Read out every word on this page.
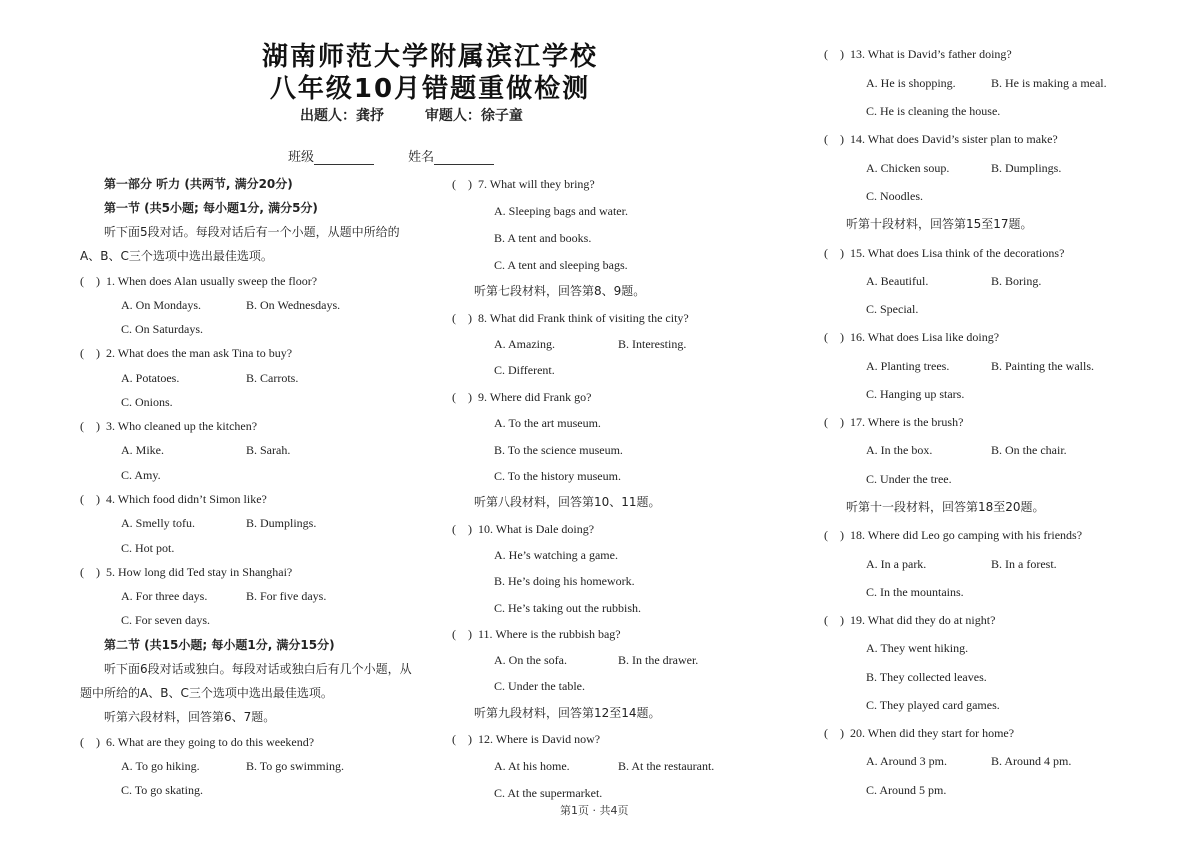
湖南师范大学附属滨江学校
八年级10月错题重做检测
出题人：龚抒	审题人：徐子童
班级	姓名
第一部分 听力 (共两节, 满分20分)
第一节 (共5小题; 每小题1分, 满分5分)
听下面5段对话。每段对话后有一个小题，从题中所给的
A、B、C三个选项中选出最佳选项。
(　) 1. When does Alan usually sweep the floor?
A. On Mondays.	B. On Wednesdays.
C. On Saturdays.
(　) 2. What does the man ask Tina to buy?
A. Potatoes.	B. Carrots.
C. Onions.
(　) 3. Who cleaned up the kitchen?
A. Mike.	B. Sarah.
C. Amy.
(　) 4. Which food didn’t Simon like?
A. Smelly tofu.	B. Dumplings.
C. Hot pot.
(　) 5. How long did Ted stay in Shanghai?
A. For three days.	B. For five days.
C. For seven days.
第二节 (共15小题; 每小题1分, 满分15分)
听下面6段对话或独白。每段对话或独白后有几个小题，从
题中所给的A、B、C三个选项中选出最佳选项。
听第六段材料，回答第6、7题。
(　) 6. What are they going to do this weekend?
A. To go hiking.	B. To go swimming.
C. To go skating.
(　) 7. What will they bring?
A. Sleeping bags and water.
B. A tent and books.
C. A tent and sleeping bags.
听第七段材料，回答第8、9题。
(　) 8. What did Frank think of visiting the city?
A. Amazing.	B. Interesting.
C. Different.
(　) 9. Where did Frank go?
A. To the art museum.
B. To the science museum.
C. To the history museum.
听第八段材料，回答第10、11题。
(　) 10. What is Dale doing?
A. He’s watching a game.
B. He’s doing his homework.
C. He’s taking out the rubbish.
(　) 11. Where is the rubbish bag?
A. On the sofa.	B. In the drawer.
C. Under the table.
听第九段材料，回答第12至14题。
(　) 12. Where is David now?
A. At his home.	B. At the restaurant.
C. At the supermarket.
(　) 13. What is David’s father doing?
A. He is shopping.	B. He is making a meal.
C. He is cleaning the house.
(　) 14. What does David’s sister plan to make?
A. Chicken soup.	B. Dumplings.
C. Noodles.
听第十段材料，回答第15至17题。
(　) 15. What does Lisa think of the decorations?
A. Beautiful.	B. Boring.
C. Special.
(　) 16. What does Lisa like doing?
A. Planting trees.	B. Painting the walls.
C. Hanging up stars.
(　) 17. Where is the brush?
A. In the box.	B. On the chair.
C. Under the tree.
听第十一段材料，回答第18至20题。
(　) 18. Where did Leo go camping with his friends?
A. In a park.	B. In a forest.
C. In the mountains.
(　) 19. What did they do at night?
A. They went hiking.
B. They collected leaves.
C. They played card games.
(　) 20. When did they start for home?
A. Around 3 pm.	B. Around 4 pm.
C. Around 5 pm.
第1页 · 共4页
